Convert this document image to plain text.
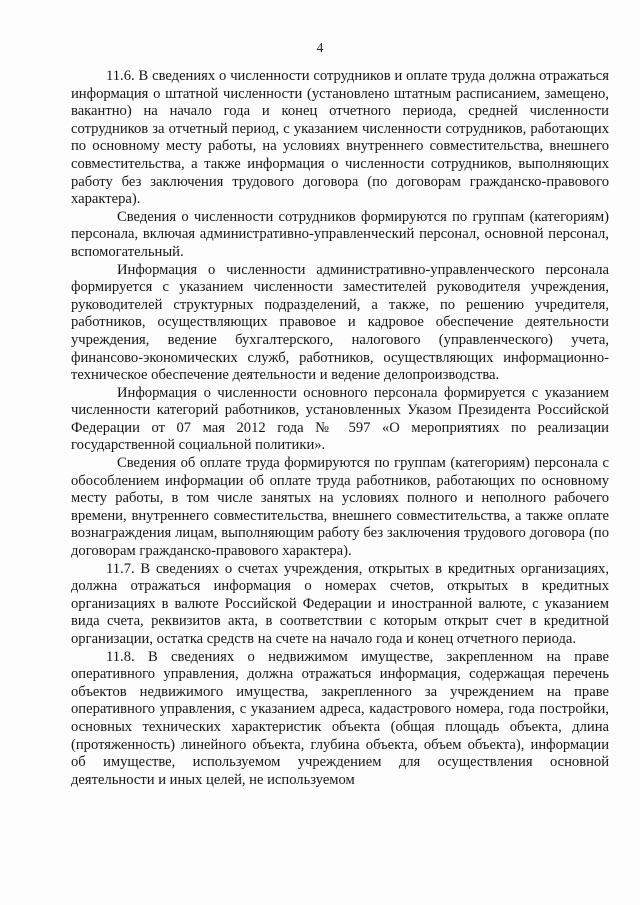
4

11.6. В сведениях о численности сотрудников и оплате труда должна отражаться информация о штатной численности (установлено штатным расписанием, замещено, вакантно) на начало года и конец отчетного периода, средней численности сотрудников за отчетный период, с указанием численности сотрудников, работающих по основному месту работы, на условиях внутреннего совместительства, внешнего совместительства, а также информация о численности сотрудников, выполняющих работу без заключения трудового договора (по договорам гражданско-правового характера).

Сведения о численности сотрудников формируются по группам (категориям) персонала, включая административно-управленческий персонал, основной персонал, вспомогательный.

Информация о численности административно-управленческого персонала формируется с указанием численности заместителей руководителя учреждения, руководителей структурных подразделений, а также, по решению учредителя, работников, осуществляющих правовое и кадровое обеспечение деятельности учреждения, ведение бухгалтерского, налогового (управленческого) учета, финансово-экономических служб, работников, осуществляющих информационно-техническое обеспечение деятельности и ведение делопроизводства.

Информация о численности основного персонала формируется с указанием численности категорий работников, установленных Указом Президента Российской Федерации от 07 мая 2012 года № 597 «О мероприятиях по реализации государственной социальной политики».

Сведения об оплате труда формируются по группам (категориям) персонала с обособлением информации об оплате труда работников, работающих по основному месту работы, в том числе занятых на условиях полного и неполного рабочего времени, внутреннего совместительства, внешнего совместительства, а также оплате вознаграждения лицам, выполняющим работу без заключения трудового договора (по договорам гражданско-правового характера).

11.7. В сведениях о счетах учреждения, открытых в кредитных организациях, должна отражаться информация о номерах счетов, открытых в кредитных организациях в валюте Российской Федерации и иностранной валюте, с указанием вида счета, реквизитов акта, в соответствии с которым открыт счет в кредитной организации, остатка средств на счете на начало года и конец отчетного периода.

11.8. В сведениях о недвижимом имуществе, закрепленном на праве оперативного управления, должна отражаться информация, содержащая перечень объектов недвижимого имущества, закрепленного за учреждением на праве оперативного управления, с указанием адреса, кадастрового номера, года постройки, основных технических характеристик объекта (общая площадь объекта, длина (протяженность) линейного объекта, глубина объекта, объем объекта), информации об имуществе, используемом учреждением для осуществления основной деятельности и иных целей, не используемом
